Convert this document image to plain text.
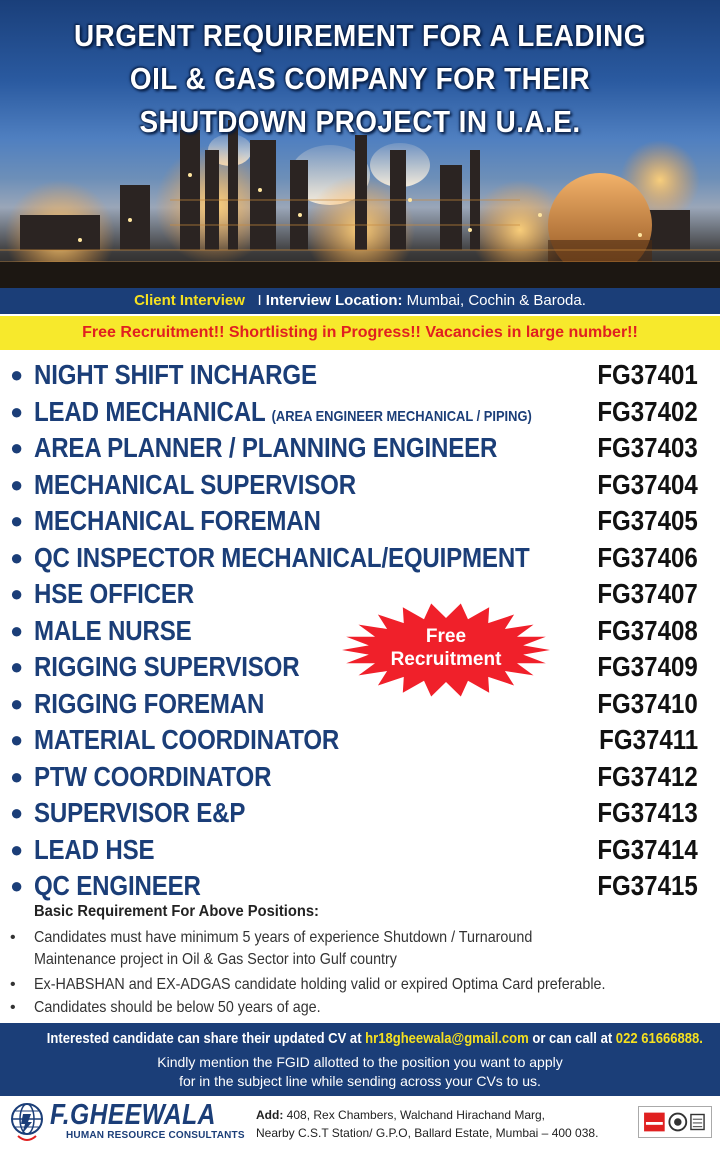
URGENT REQUIREMENT FOR A LEADING
OIL & GAS COMPANY FOR THEIR
SHUTDOWN PROJECT IN U.A.E.
Client Interview I Interview Location: Mumbai, Cochin & Baroda.
Free Recruitment!! Shortlisting in Progress!! Vacancies in large number!!
● NIGHT SHIFT INCHARGE	FG37401
● LEAD MECHANICAL (AREA ENGINEER MECHANICAL / PIPING) FG37402
● AREA PLANNER / PLANNING ENGINEER	FG37403
● MECHANICAL SUPERVISOR	FG37404
● MECHANICAL FOREMAN	FG37405
● QC INSPECTOR MECHANICAL/EQUIPMENT FG37406
● HSE OFFICER	FG37407
● MALE NURSE	FG37408
● RIGGING SUPERVISOR	FG37409
● RIGGING FOREMAN	FG37410
● MATERIAL COORDINATOR	FG37411
● PTW COORDINATOR	FG37412
● SUPERVISOR E&P	FG37413
● LEAD HSE	FG37414
● QC ENGINEER	FG37415
Free
Recruitment
Basic Requirement For Above Positions:
• Candidates must have minimum 5 years of experience Shutdown / Turnaround
Maintenance project in Oil & Gas Sector into Gulf country
• Ex-HABSHAN and EX-ADGAS candidate holding valid or expired Optima Card preferable.
• Candidates should be below 50 years of age.
Interested candidate can share their updated CV at hr18gheewala@gmail.com or can call at 022 61666888.
Kindly mention the FGID allotted to the position you want to apply
for in the subject line while sending across your CVs to us.
F.GHEEWALA
HUMAN RESOURCE CONSULTANTS
Add: 408, Rex Chambers, Walchand Hirachand Marg,
Nearby C.S.T Station/ G.P.O, Ballard Estate, Mumbai – 400 038.
